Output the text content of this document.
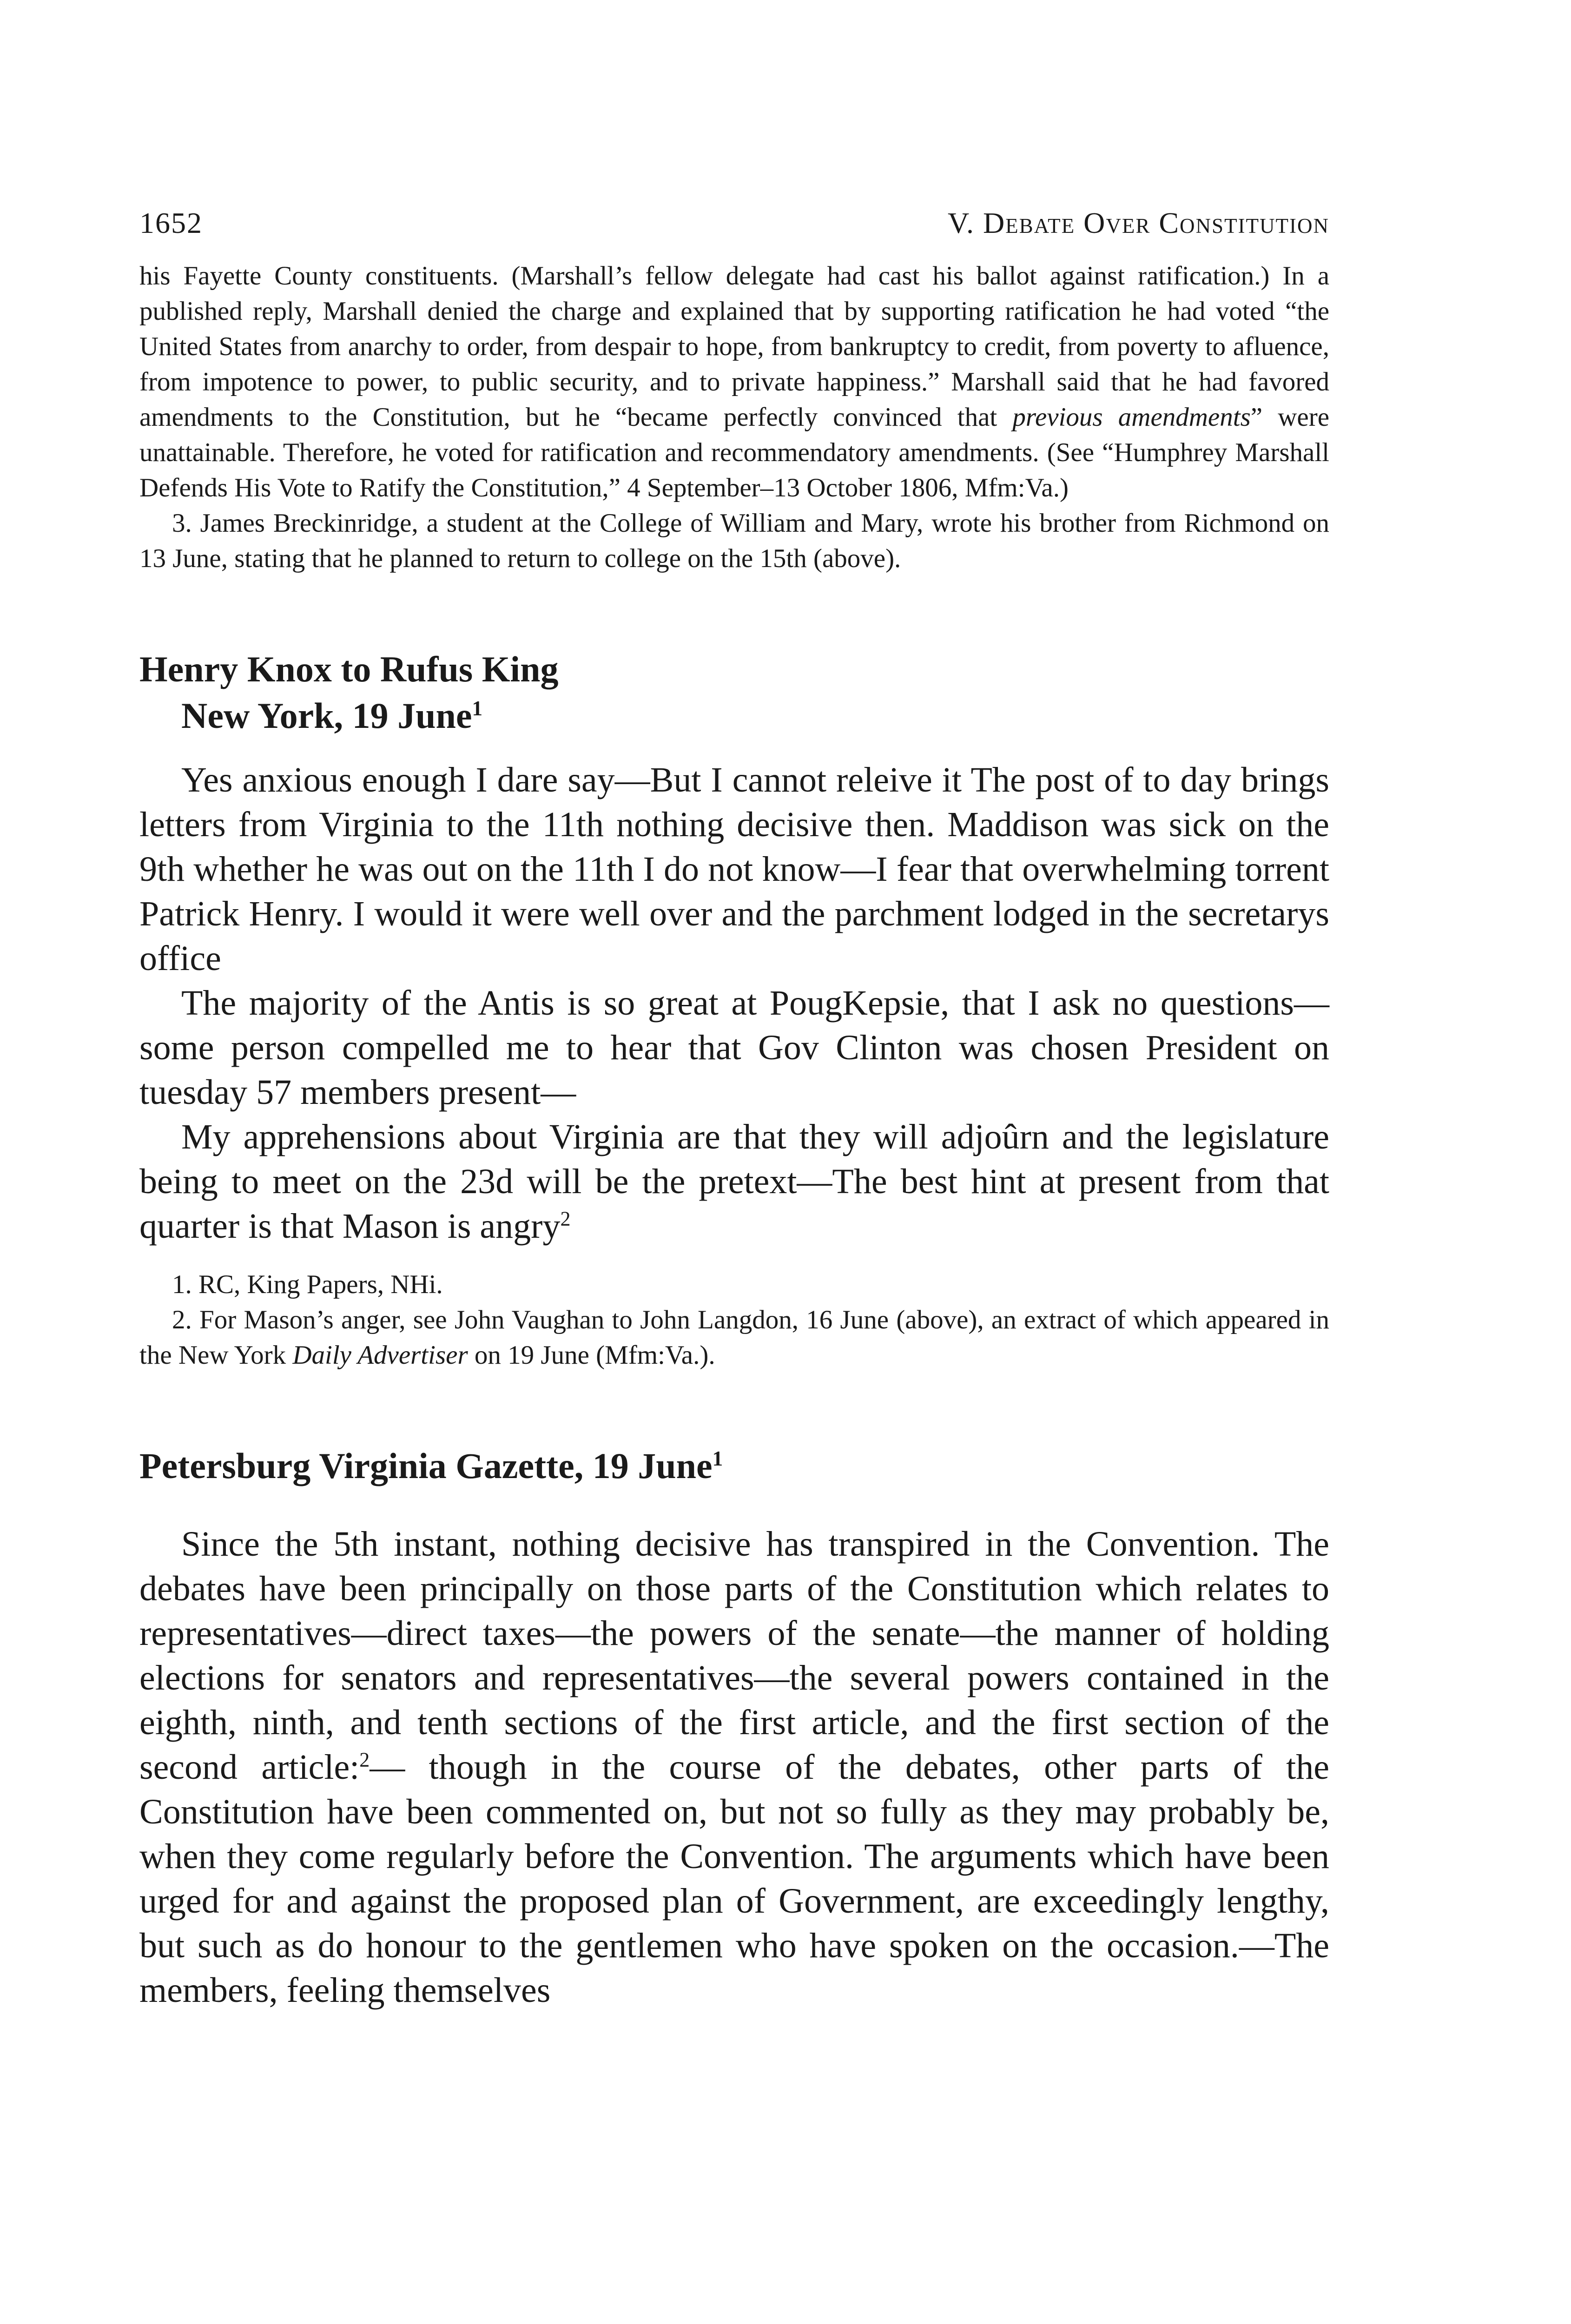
1652	V. Debate Over Constitution

his Fayette County constituents. (Marshall’s fellow delegate had cast his ballot against ratification.) In a published reply, Marshall denied the charge and explained that by supporting ratification he had voted “the United States from anarchy to order, from despair to hope, from bankruptcy to credit, from poverty to afluence, from impotence to power, to public security, and to private happiness.” Marshall said that he had favored amendments to the Constitution, but he “became perfectly convinced that previous amendments” were unattainable. Therefore, he voted for ratification and recommendatory amendments. (See “Humphrey Marshall Defends His Vote to Ratify the Constitution,” 4 September–13 October 1806, Mfm:Va.)

3. James Breckinridge, a student at the College of William and Mary, wrote his brother from Richmond on 13 June, stating that he planned to return to college on the 15th (above).

Henry Knox to Rufus King
New York, 19 June$^1$

Yes anxious enough I dare say—But I cannot releive it The post of to day brings letters from Virginia to the 11th nothing decisive then. Maddison was sick on the 9th whether he was out on the 11th I do not know—I fear that overwhelming torrent Patrick Henry. I would it were well over and the parchment lodged in the secretarys office

The majority of the Antis is so great at PougKepsie, that I ask no questions—some person compelled me to hear that Gov Clinton was chosen President on tuesday 57 members present—

My apprehensions about Virginia are that they will adjoûrn and the legislature being to meet on the 23d will be the pretext—The best hint at present from that quarter is that Mason is angry$^2$

1. RC, King Papers, NHi.

2. For Mason’s anger, see John Vaughan to John Langdon, 16 June (above), an extract of which appeared in the New York Daily Advertiser on 19 June (Mfm:Va.).

Petersburg Virginia Gazette, 19 June$^1$

Since the 5th instant, nothing decisive has transpired in the Convention. The debates have been principally on those parts of the Constitution which relates to representatives—direct taxes—the powers of the senate—the manner of holding elections for senators and representatives—the several powers contained in the eighth, ninth, and tenth sections of the first article, and the first section of the second article:$^2$— though in the course of the debates, other parts of the Constitution have been commented on, but not so fully as they may probably be, when they come regularly before the Convention. The arguments which have been urged for and against the proposed plan of Government, are exceedingly lengthy, but such as do honour to the gentlemen who have spoken on the occasion.—The members, feeling themselves
